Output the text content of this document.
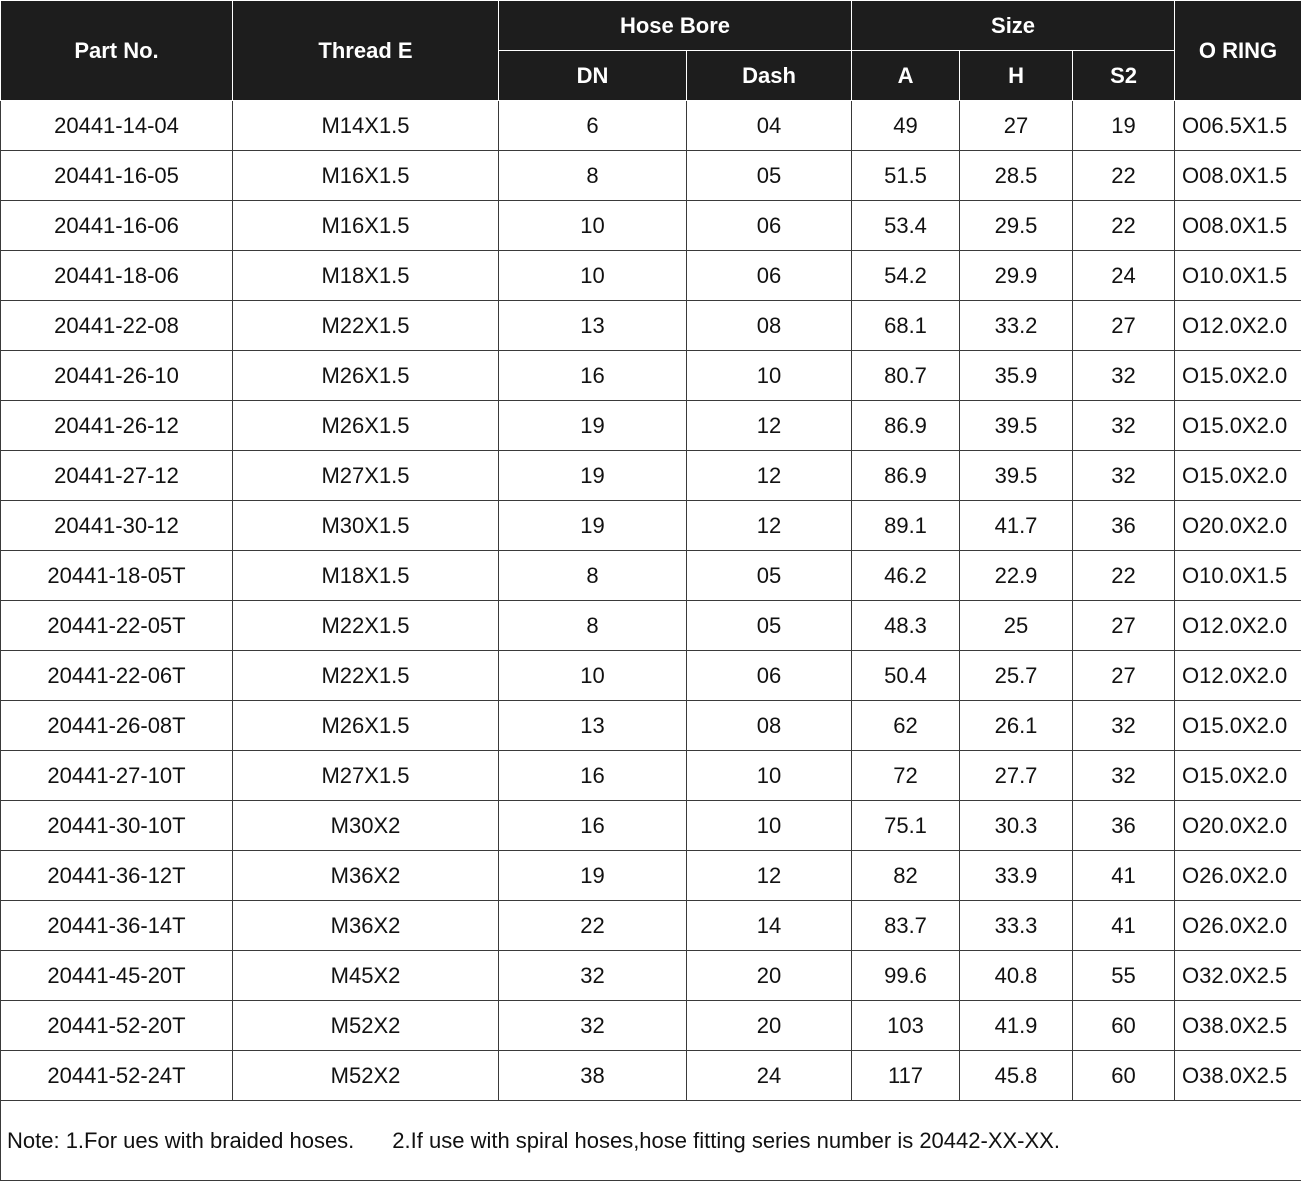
Part No.	Thread E	Hose Bore		Size			O RING
		DN	Dash	A	H	S2	
20441-14-04	M14X1.5	6	04	49	27	19	O06.5X1.5
20441-16-05	M16X1.5	8	05	51.5	28.5	22	O08.0X1.5
20441-16-06	M16X1.5	10	06	53.4	29.5	22	O08.0X1.5
20441-18-06	M18X1.5	10	06	54.2	29.9	24	O10.0X1.5
20441-22-08	M22X1.5	13	08	68.1	33.2	27	O12.0X2.0
20441-26-10	M26X1.5	16	10	80.7	35.9	32	O15.0X2.0
20441-26-12	M26X1.5	19	12	86.9	39.5	32	O15.0X2.0
20441-27-12	M27X1.5	19	12	86.9	39.5	32	O15.0X2.0
20441-30-12	M30X1.5	19	12	89.1	41.7	36	O20.0X2.0
20441-18-05T	M18X1.5	8	05	46.2	22.9	22	O10.0X1.5
20441-22-05T	M22X1.5	8	05	48.3	25	27	O12.0X2.0
20441-22-06T	M22X1.5	10	06	50.4	25.7	27	O12.0X2.0
20441-26-08T	M26X1.5	13	08	62	26.1	32	O15.0X2.0
20441-27-10T	M27X1.5	16	10	72	27.7	32	O15.0X2.0
20441-30-10T	M30X2	16	10	75.1	30.3	36	O20.0X2.0
20441-36-12T	M36X2	19	12	82	33.9	41	O26.0X2.0
20441-36-14T	M36X2	22	14	83.7	33.3	41	O26.0X2.0
20441-45-20T	M45X2	32	20	99.6	40.8	55	O32.0X2.5
20441-52-20T	M52X2	32	20	103	41.9	60	O38.0X2.5
20441-52-24T	M52X2	38	24	117	45.8	60	O38.0X2.5
Note: 1.For ues with braided hoses. 2.If use with spiral hoses,hose fitting series number is 20442-XX-XX.							
